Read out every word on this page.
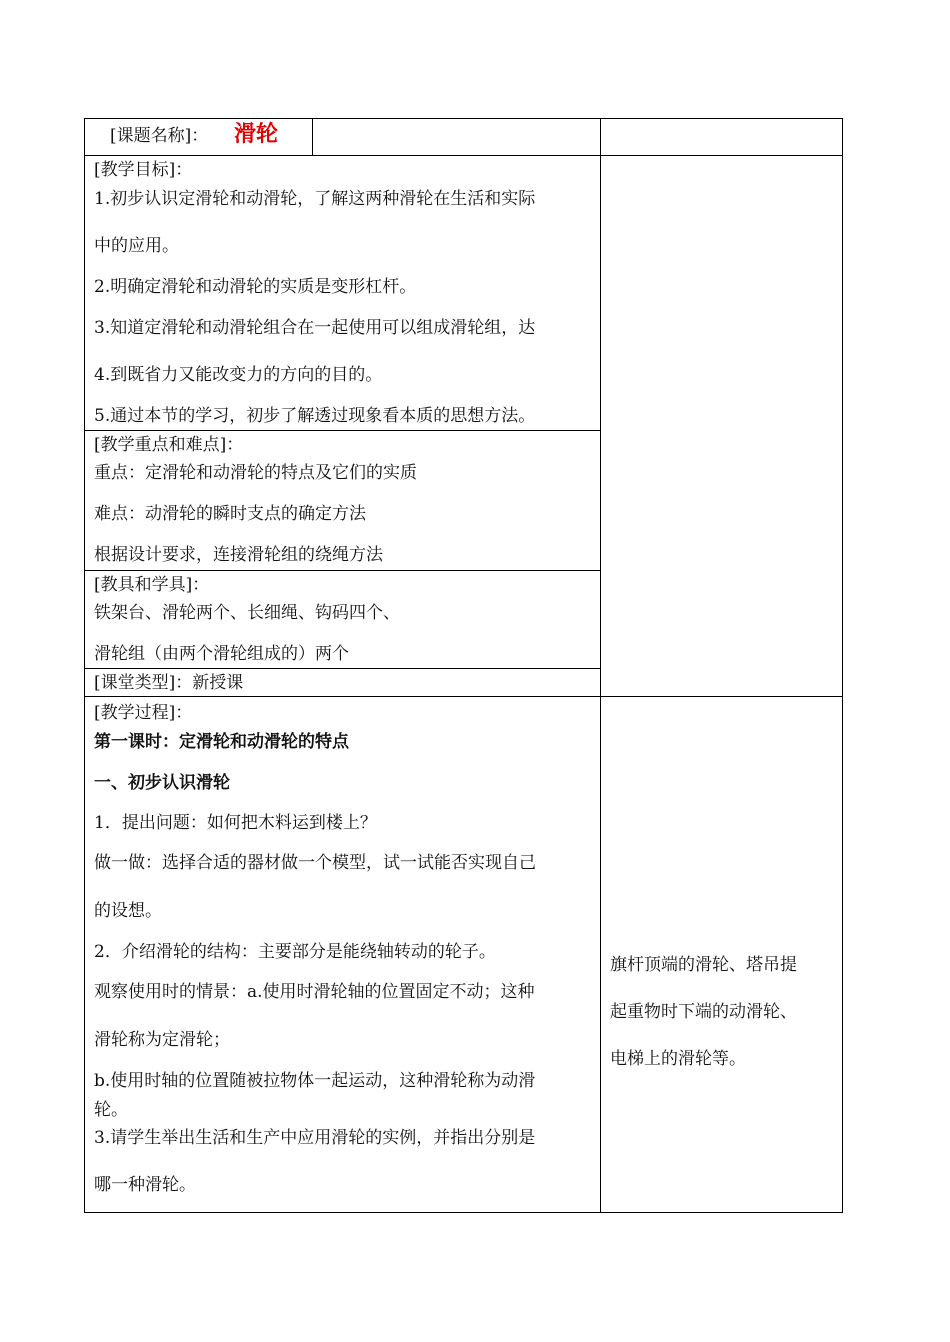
[课题名称]： 滑轮
[教学目标]：
1.初步认识定滑轮和动滑轮，了解这两种滑轮在生活和实际
中的应用。
2.明确定滑轮和动滑轮的实质是变形杠杆。
3.知道定滑轮和动滑轮组合在一起使用可以组成滑轮组，达
4.到既省力又能改变力的方向的目的。
5.通过本节的学习，初步了解透过现象看本质的思想方法。
[教学重点和难点]：
重点：定滑轮和动滑轮的特点及它们的实质
难点：动滑轮的瞬时支点的确定方法
根据设计要求，连接滑轮组的绕绳方法
[教具和学具]：
铁架台、滑轮两个、长细绳、钩码四个、
滑轮组（由两个滑轮组成的）两个
[课堂类型]：新授课
[教学过程]：
第一课时：定滑轮和动滑轮的特点
一、初步认识滑轮
1．提出问题：如何把木料运到楼上？
做一做：选择合适的器材做一个模型，试一试能否实现自己
的设想。
2．介绍滑轮的结构：主要部分是能绕轴转动的轮子。
观察使用时的情景：a.使用时滑轮轴的位置固定不动；这种
滑轮称为定滑轮；
b.使用时轴的位置随被拉物体一起运动，这种滑轮称为动滑
轮。
3.请学生举出生活和生产中应用滑轮的实例，并指出分别是
哪一种滑轮。
旗杆顶端的滑轮、塔吊提
起重物时下端的动滑轮、
电梯上的滑轮等。
